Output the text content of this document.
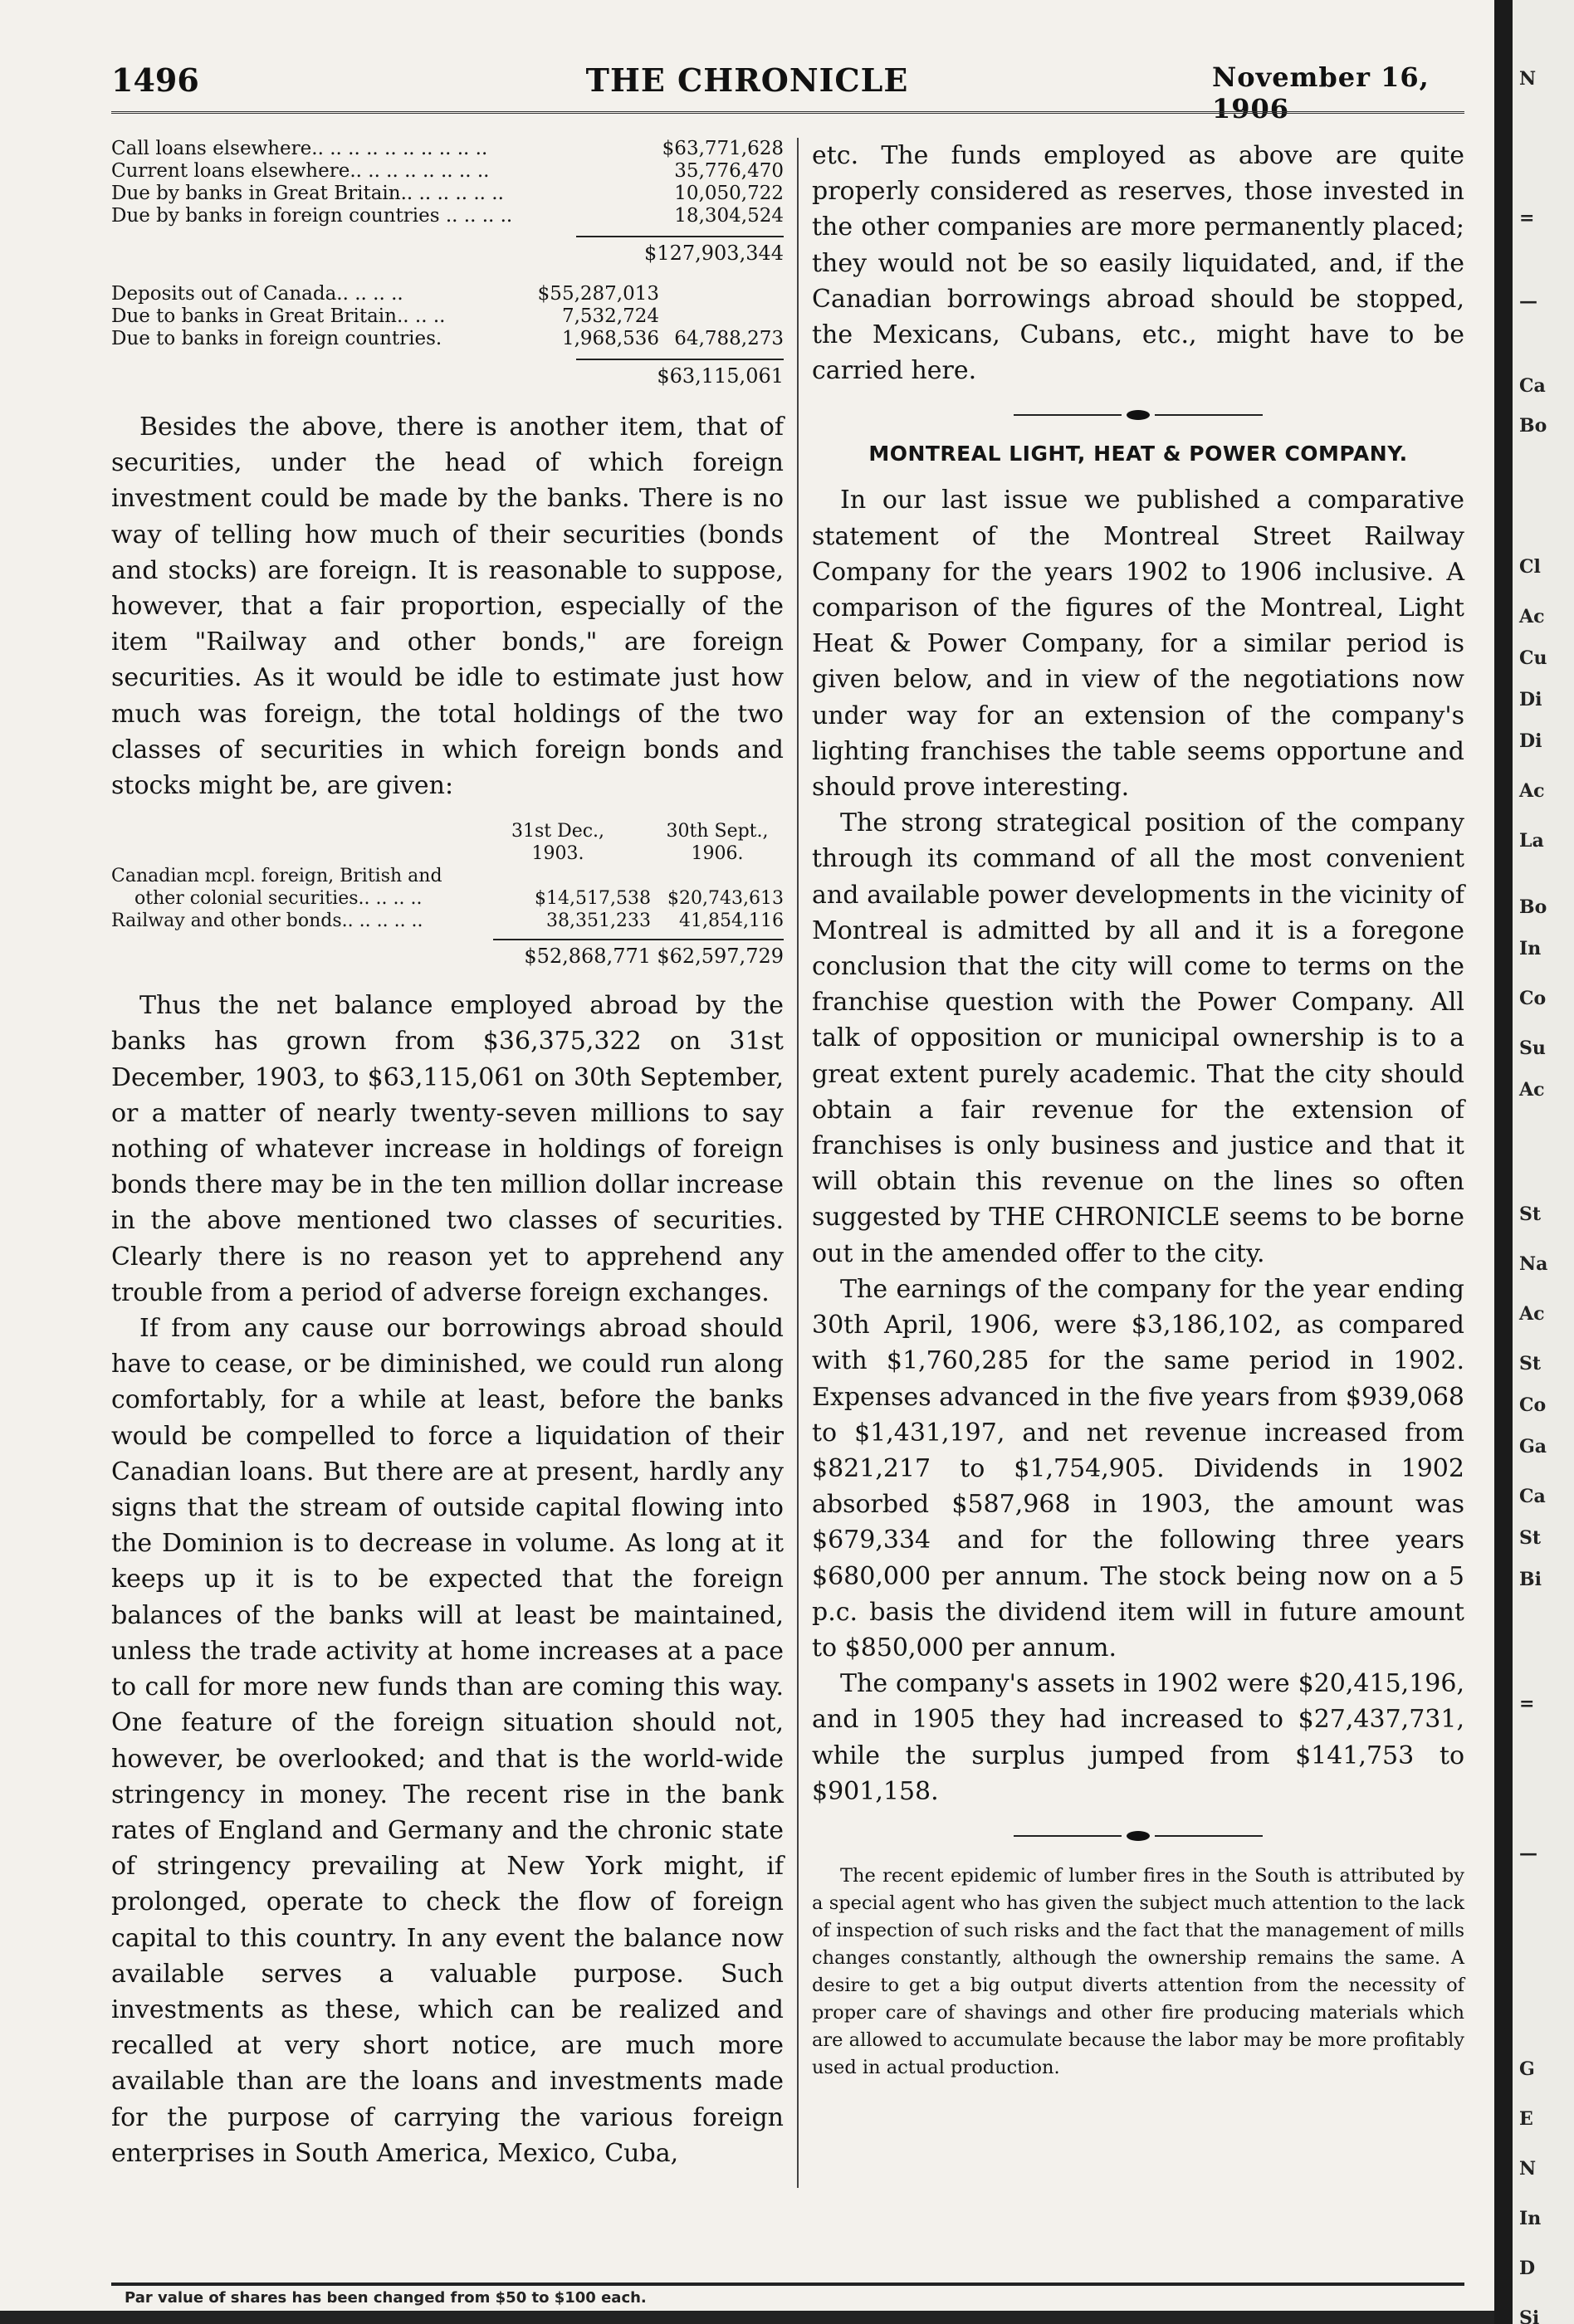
1496	THE CHRONICLE	November 16, 1906
Call loans elsewhere.. .. .. .. .. .. .. .. .. ..	$63,771,628
Current loans elsewhere.. .. .. .. .. .. .. ..	35,776,470
Due by banks in Great Britain.. .. .. .. .. ..	10,050,722
Due by banks in foreign countries .. .. .. ..	18,304,524
$127,903,344
Deposits out of Canada.. .. .. ..	$55,287,013
Due to banks in Great Britain.. .. ..	7,532,724
Due to banks in foreign countries.	1,968,536 64,788,273
$63,115,061

Besides the above, there is another item, that of securities, under the head of which foreign investment could be made by the banks. There is no way of telling how much of their securities (bonds and stocks) are foreign. It is reasonable to suppose, however, that a fair proportion, especially of the item "Railway and other bonds," are foreign securities. As it would be idle to estimate just how much was foreign, the total holdings of the two classes of securities in which foreign bonds and stocks might be, are given:

31st Dec., 1903.
30th Sept., 1906.
Canadian mcpl. foreign, British and
other colonial securities.. .. .. ..	$14,517,538 $20,743,613
Railway and other bonds.. .. .. .. ..	38,351,233	41,854,116
$52,868,771 $62,597,729

Thus the net balance employed abroad by the banks has grown from $36,375,322 on 31st December, 1903, to $63,115,061 on 30th September, or a matter of nearly twenty-seven millions to say nothing of whatever increase in holdings of foreign bonds there may be in the ten million dollar increase in the above mentioned two classes of securities. Clearly there is no reason yet to apprehend any trouble from a period of adverse foreign exchanges.

If from any cause our borrowings abroad should have to cease, or be diminished, we could run along comfortably, for a while at least, before the banks would be compelled to force a liquidation of their Canadian loans. But there are at present, hardly any signs that the stream of outside capital flowing into the Dominion is to decrease in volume. As long at it keeps up it is to be expected that the foreign balances of the banks will at least be maintained, unless the trade activity at home increases at a pace to call for more new funds than are coming this way. One feature of the foreign situation should not, however, be overlooked; and that is the world-wide stringency in money. The recent rise in the bank rates of England and Germany and the chronic state of stringency prevailing at New York might, if prolonged, operate to check the flow of foreign capital to this country. In any event the balance now available serves a valuable purpose. Such investments as these, which can be realized and recalled at very short notice, are much more available than are the loans and investments made for the purpose of carrying the various foreign enterprises in South America, Mexico, Cuba,

etc. The funds employed as above are quite properly considered as reserves, those invested in the other companies are more permanently placed; they would not be so easily liquidated, and, if the Canadian borrowings abroad should be stopped, the Mexicans, Cubans, etc., might have to be carried here.

MONTREAL LIGHT, HEAT & POWER COMPANY.

In our last issue we published a comparative statement of the Montreal Street Railway Company for the years 1902 to 1906 inclusive. A comparison of the figures of the Montreal, Light Heat & Power Company, for a similar period is given below, and in view of the negotiations now under way for an extension of the company's lighting franchises the table seems opportune and should prove interesting.

The strong strategical position of the company through its command of all the most convenient and available power developments in the vicinity of Montreal is admitted by all and it is a foregone conclusion that the city will come to terms on the franchise question with the Power Company. All talk of opposition or municipal ownership is to a great extent purely academic. That the city should obtain a fair revenue for the extension of franchises is only business and justice and that it will obtain this revenue on the lines so often suggested by THE CHRONICLE seems to be borne out in the amended offer to the city.

The earnings of the company for the year ending 30th April, 1906, were $3,186,102, as compared with $1,760,285 for the same period in 1902. Expenses advanced in the five years from $939,068 to $1,431,197, and net revenue increased from $821,217 to $1,754,905. Dividends in 1902 absorbed $587,968 in 1903, the amount was $679,334 and for the following three years $680,000 per annum. The stock being now on a 5 p.c. basis the dividend item will in future amount to $850,000 per annum.

The company's assets in 1902 were $20,415,196, and in 1905 they had increased to $27,437,731, while the surplus jumped from $141,753 to $901,158.

The recent epidemic of lumber fires in the South is attributed by a special agent who has given the subject much attention to the lack of inspection of such risks and the fact that the management of mills changes constantly, although the ownership remains the same. A desire to get a big output diverts attention from the necessity of proper care of shavings and other fire producing materials which are allowed to accumulate because the labor may be more profitably used in actual production.

Par value of shares has been changed from $50 to $100 each.
N
=
—
Ca
Bo
Cl
Ac
Cu
Di
Di
Ac
La
Bo
In
Co
Su
Ac
St
Na
Ac
St
Co
Ga
Ca
St
Bi
=
—
G
E
N
In
D
Si
